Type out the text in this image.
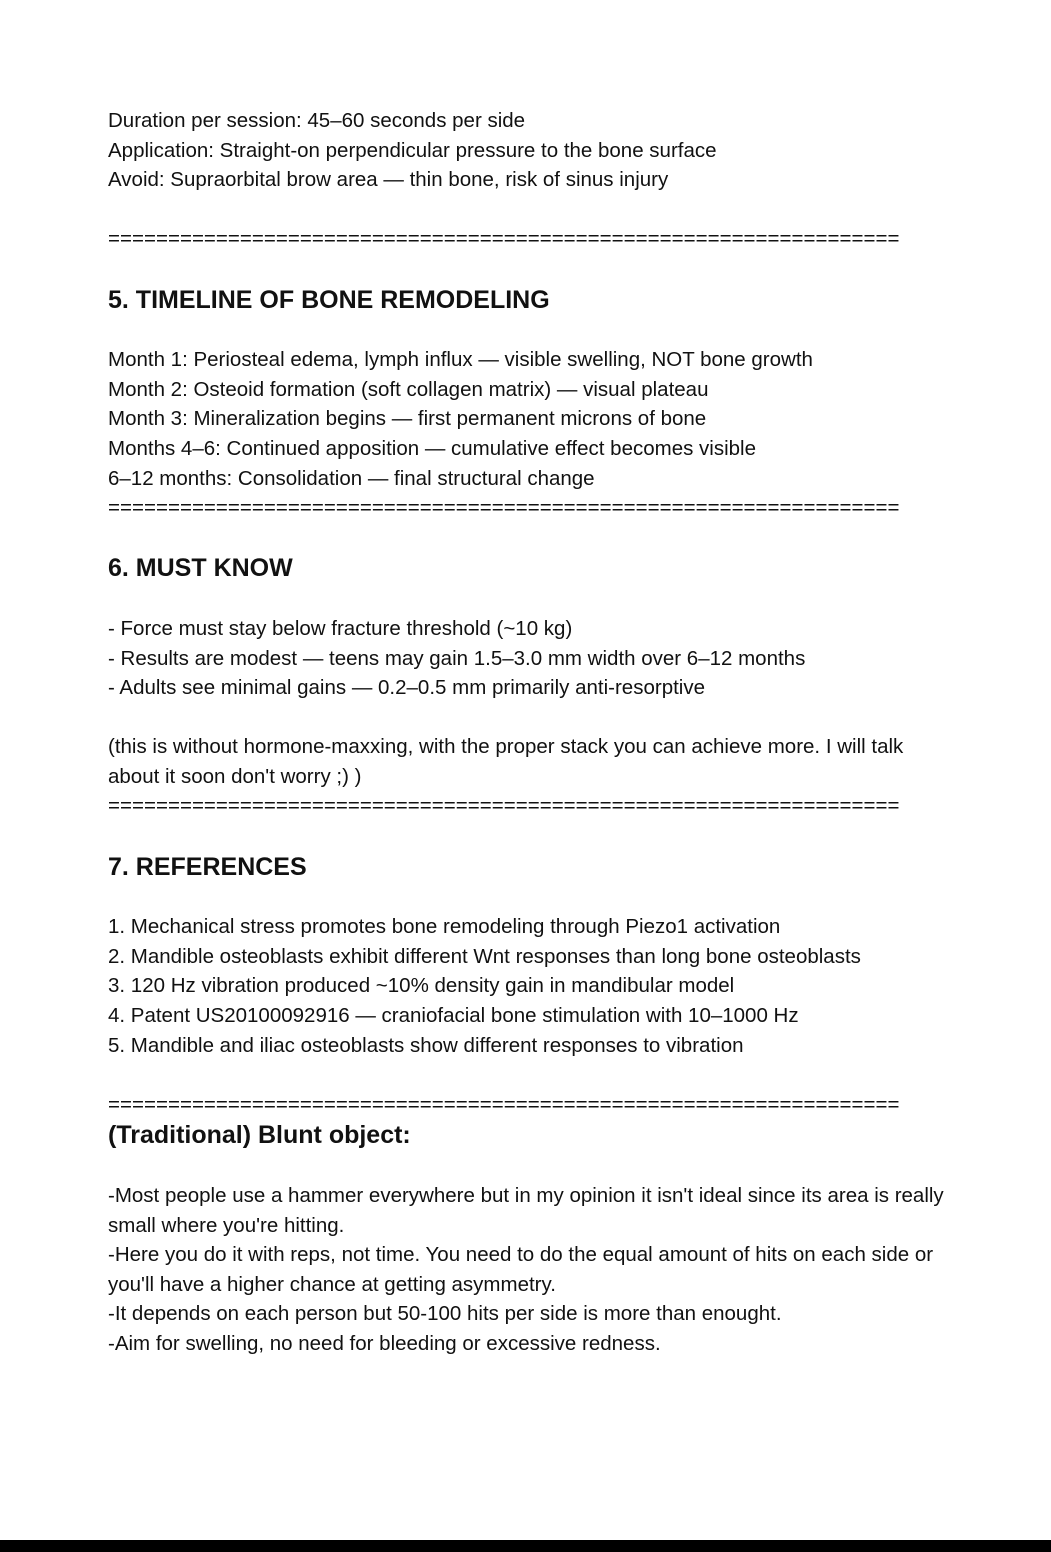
Duration per session: 45–60 seconds per side

Application: Straight-on perpendicular pressure to the bone surface

Avoid: Supraorbital brow area — thin bone, risk of sinus injury

==================================================================

5. TIMELINE OF BONE REMODELING

Month 1: Periosteal edema, lymph influx — visible swelling, NOT bone growth

Month 2: Osteoid formation (soft collagen matrix) — visual plateau

Month 3: Mineralization begins — first permanent microns of bone

Months 4–6: Continued apposition — cumulative effect becomes visible

6–12 months: Consolidation — final structural change

==================================================================

6. MUST KNOW

- Force must stay below fracture threshold (~10 kg)

- Results are modest — teens may gain 1.5–3.0 mm width over 6–12 months

- Adults see minimal gains — 0.2–0.5 mm primarily anti-resorptive

(this is without hormone-maxxing, with the proper stack you can achieve more. I will talk about it soon don't worry ;) )

==================================================================

7. REFERENCES

1. Mechanical stress promotes bone remodeling through Piezo1 activation

2. Mandible osteoblasts exhibit different Wnt responses than long bone osteoblasts

3. 120 Hz vibration produced ~10% density gain in mandibular model

4. Patent US20100092916 — craniofacial bone stimulation with 10–1000 Hz

5. Mandible and iliac osteoblasts show different responses to vibration

==================================================================

(Traditional) Blunt object:

-Most people use a hammer everywhere but in my opinion it isn't ideal since its area is really small where you're hitting.

-Here you do it with reps, not time. You need to do the equal amount of hits on each side or you'll have a higher chance at getting asymmetry.

-It depends on each person but 50-100 hits per side is more than enought.

-Aim for swelling, no need for bleeding or excessive redness.
